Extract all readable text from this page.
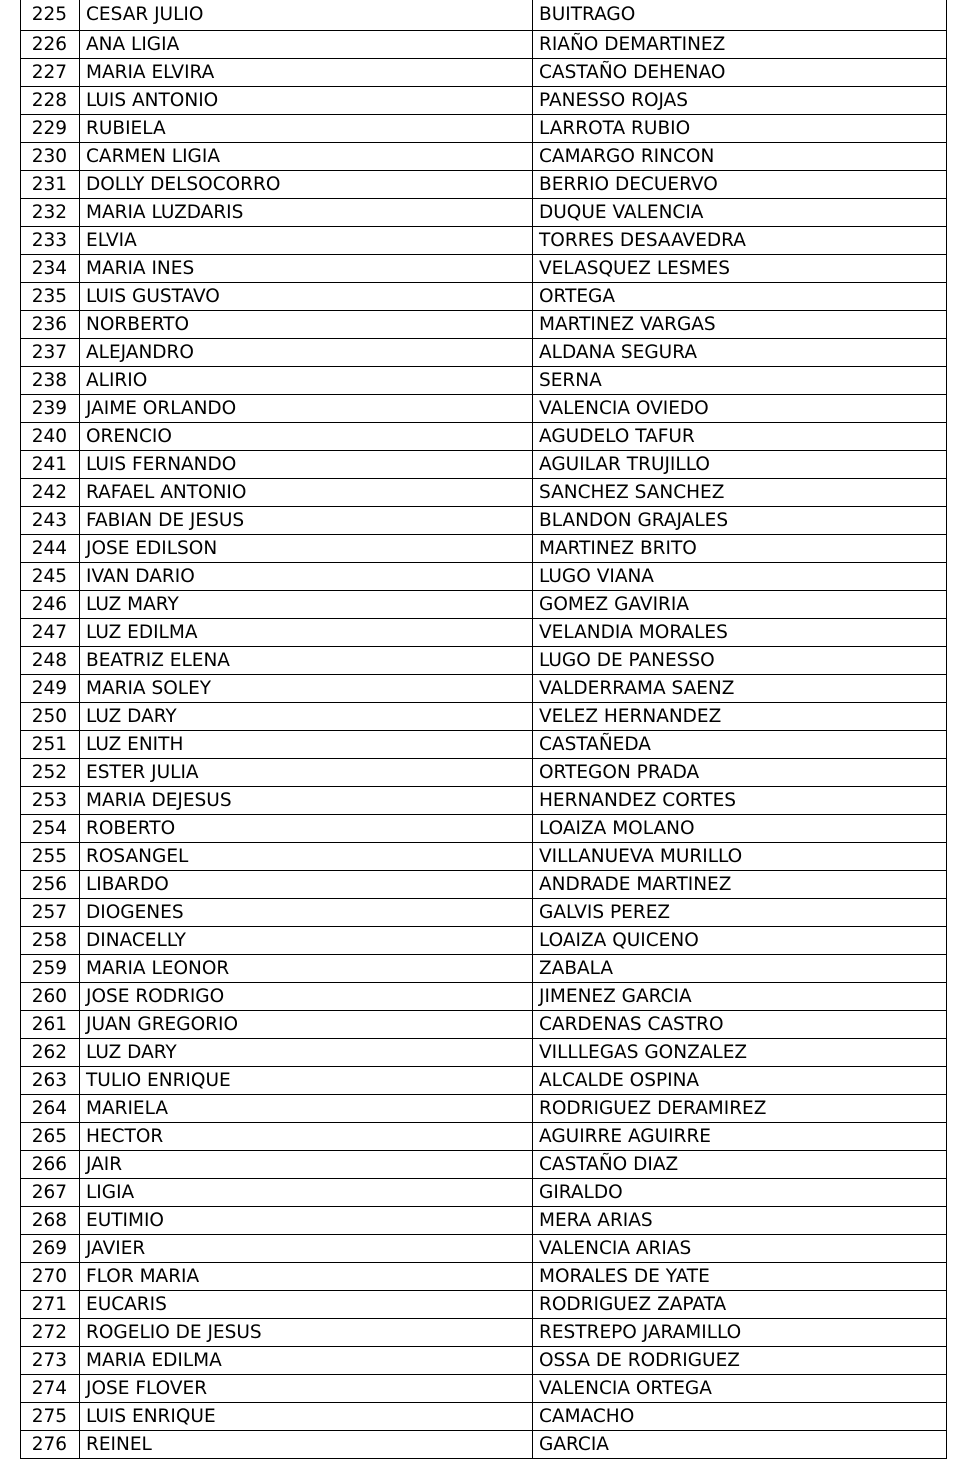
225	CESAR JULIO	BUITRAGO
226	ANA LIGIA	RIAÑO DEMARTINEZ
227	MARIA ELVIRA	CASTAÑO DEHENAO
228	LUIS ANTONIO	PANESSO ROJAS
229	RUBIELA	LARROTA RUBIO
230	CARMEN LIGIA	CAMARGO RINCON
231	DOLLY DELSOCORRO	BERRIO DECUERVO
232	MARIA LUZDARIS	DUQUE VALENCIA
233	ELVIA	TORRES DESAAVEDRA
234	MARIA INES	VELASQUEZ LESMES
235	LUIS GUSTAVO	ORTEGA
236	NORBERTO	MARTINEZ VARGAS
237	ALEJANDRO	ALDANA SEGURA
238	ALIRIO	SERNA
239	JAIME ORLANDO	VALENCIA OVIEDO
240	ORENCIO	AGUDELO TAFUR
241	LUIS FERNANDO	AGUILAR TRUJILLO
242	RAFAEL ANTONIO	SANCHEZ SANCHEZ
243	FABIAN DE JESUS	BLANDON GRAJALES
244	JOSE EDILSON	MARTINEZ BRITO
245	IVAN DARIO	LUGO VIANA
246	LUZ MARY	GOMEZ GAVIRIA
247	LUZ EDILMA	VELANDIA MORALES
248	BEATRIZ ELENA	LUGO DE PANESSO
249	MARIA SOLEY	VALDERRAMA SAENZ
250	LUZ DARY	VELEZ HERNANDEZ
251	LUZ ENITH	CASTAÑEDA
252	ESTER JULIA	ORTEGON PRADA
253	MARIA DEJESUS	HERNANDEZ CORTES
254	ROBERTO	LOAIZA MOLANO
255	ROSANGEL	VILLANUEVA MURILLO
256	LIBARDO	ANDRADE MARTINEZ
257	DIOGENES	GALVIS PEREZ
258	DINACELLY	LOAIZA QUICENO
259	MARIA LEONOR	ZABALA
260	JOSE RODRIGO	JIMENEZ GARCIA
261	JUAN GREGORIO	CARDENAS CASTRO
262	LUZ DARY	VILLLEGAS GONZALEZ
263	TULIO ENRIQUE	ALCALDE OSPINA
264	MARIELA	RODRIGUEZ DERAMIREZ
265	HECTOR	AGUIRRE AGUIRRE
266	JAIR	CASTAÑO DIAZ
267	LIGIA	GIRALDO
268	EUTIMIO	MERA ARIAS
269	JAVIER	VALENCIA ARIAS
270	FLOR MARIA	MORALES DE YATE
271	EUCARIS	RODRIGUEZ ZAPATA
272	ROGELIO DE JESUS	RESTREPO JARAMILLO
273	MARIA EDILMA	OSSA DE RODRIGUEZ
274	JOSE FLOVER	VALENCIA ORTEGA
275	LUIS ENRIQUE	CAMACHO
276	REINEL	GARCIA
